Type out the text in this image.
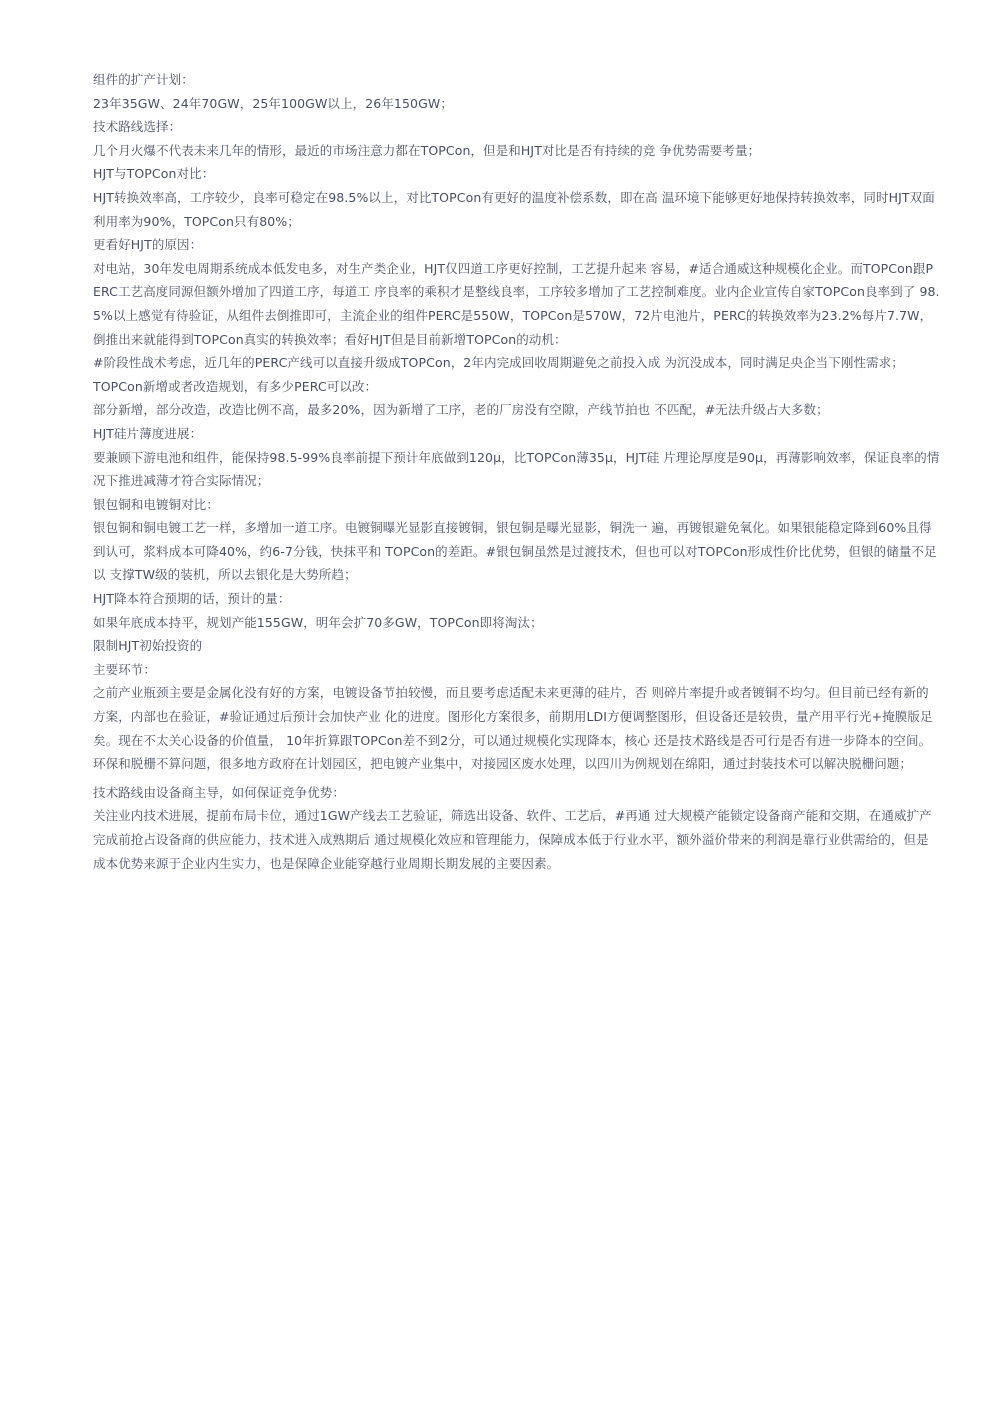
组件的扩产计划：

23年35GW、24年70GW，25年100GW以上，26年150GW；

技术路线选择：

几个月火爆不代表未来几年的情形，最近的市场注意力都在TOPCon，但是和HJT对比是否有持续的竞 争优势需要考量；

HJT与TOPCon对比：

HJT转换效率高，工序较少，良率可稳定在98.5%以上，对比TOPCon有更好的温度补偿系数，即在高 温环境下能够更好地保持转换效率，同时HJT双面利用率为90%，TOPCon只有80%；

更看好HJT的原因：

对电站，30年发电周期系统成本低发电多，对生产类企业，HJT仅四道工序更好控制，工艺提升起来 容易，#适合通威这种规模化企业。而TOPCon跟PERC工艺高度同源但额外增加了四道工序，每道工 序良率的乘积才是整线良率，工序较多增加了工艺控制难度。业内企业宣传自家TOPCon良率到了 98.5%以上感觉有待验证，从组件去倒推即可，主流企业的组件PERC是550W，TOPCon是570W，72片电池片，PERC的转换效率为23.2%每片7.7W，倒推出来就能得到TOPCon真实的转换效率；看好HJT但是目前新增TOPCon的动机：

#阶段性战术考虑，近几年的PERC产线可以直接升级成TOPCon，2年内完成回收周期避免之前投入成 为沉没成本，同时满足央企当下刚性需求；

TOPCon新增或者改造规划，有多少PERC可以改：

部分新增，部分改造，改造比例不高，最多20%，因为新增了工序，老的厂房没有空隙，产线节拍也 不匹配，#无法升级占大多数；

HJT硅片薄度进展：

要兼顾下游电池和组件，能保持98.5-99%良率前提下预计年底做到120μ，比TOPCon薄35μ，HJT硅 片理论厚度是90μ，再薄影响效率，保证良率的情况下推进减薄才符合实际情况；

银包铜和电镀铜对比：

银包铜和铜电镀工艺一样，多增加一道工序。电镀铜曝光显影直接镀铜，银包铜是曝光显影，铜洗一 遍，再镀银避免氧化。如果银能稳定降到60%且得到认可，浆料成本可降40%，约6-7分钱，快抹平和 TOPCon的差距。#银包铜虽然是过渡技术，但也可以对TOPCon形成性价比优势，但银的储量不足以 支撑TW级的装机，所以去银化是大势所趋；

HJT降本符合预期的话，预计的量：

如果年底成本持平，规划产能155GW，明年会扩70多GW，TOPCon即将淘汰；

限制HJT初始投资的

主要环节：

之前产业瓶颈主要是金属化没有好的方案，电镀设备节拍较慢，而且要考虑适配未来更薄的硅片，否 则碎片率提升或者镀铜不均匀。但目前已经有新的方案，内部也在验证，#验证通过后预计会加快产业 化的进度。图形化方案很多，前期用LDI方便调整图形，但设备还是较贵，量产用平行光+掩膜版足 矣。现在不太关心设备的价值量， 10年折算跟TOPCon差不到2分，可以通过规模化实现降本，核心 还是技术路线是否可行是否有进一步降本的空间。环保和脱栅不算问题，很多地方政府在计划园区，把电镀产业集中，对接园区废水处理，以四川为例规划在绵阳，通过封装技术可以解决脱栅问题；

技术路线由设备商主导，如何保证竞争优势：

关注业内技术进展，提前布局卡位，通过1GW产线去工艺验证，筛选出设备、软件、工艺后，#再通 过大规模产能锁定设备商产能和交期，在通威扩产完成前抢占设备商的供应能力，技术进入成熟期后 通过规模化效应和管理能力，保障成本低于行业水平，额外溢价带来的利润是靠行业供需给的，但是 成本优势来源于企业内生实力，也是保障企业能穿越行业周期长期发展的主要因素。
